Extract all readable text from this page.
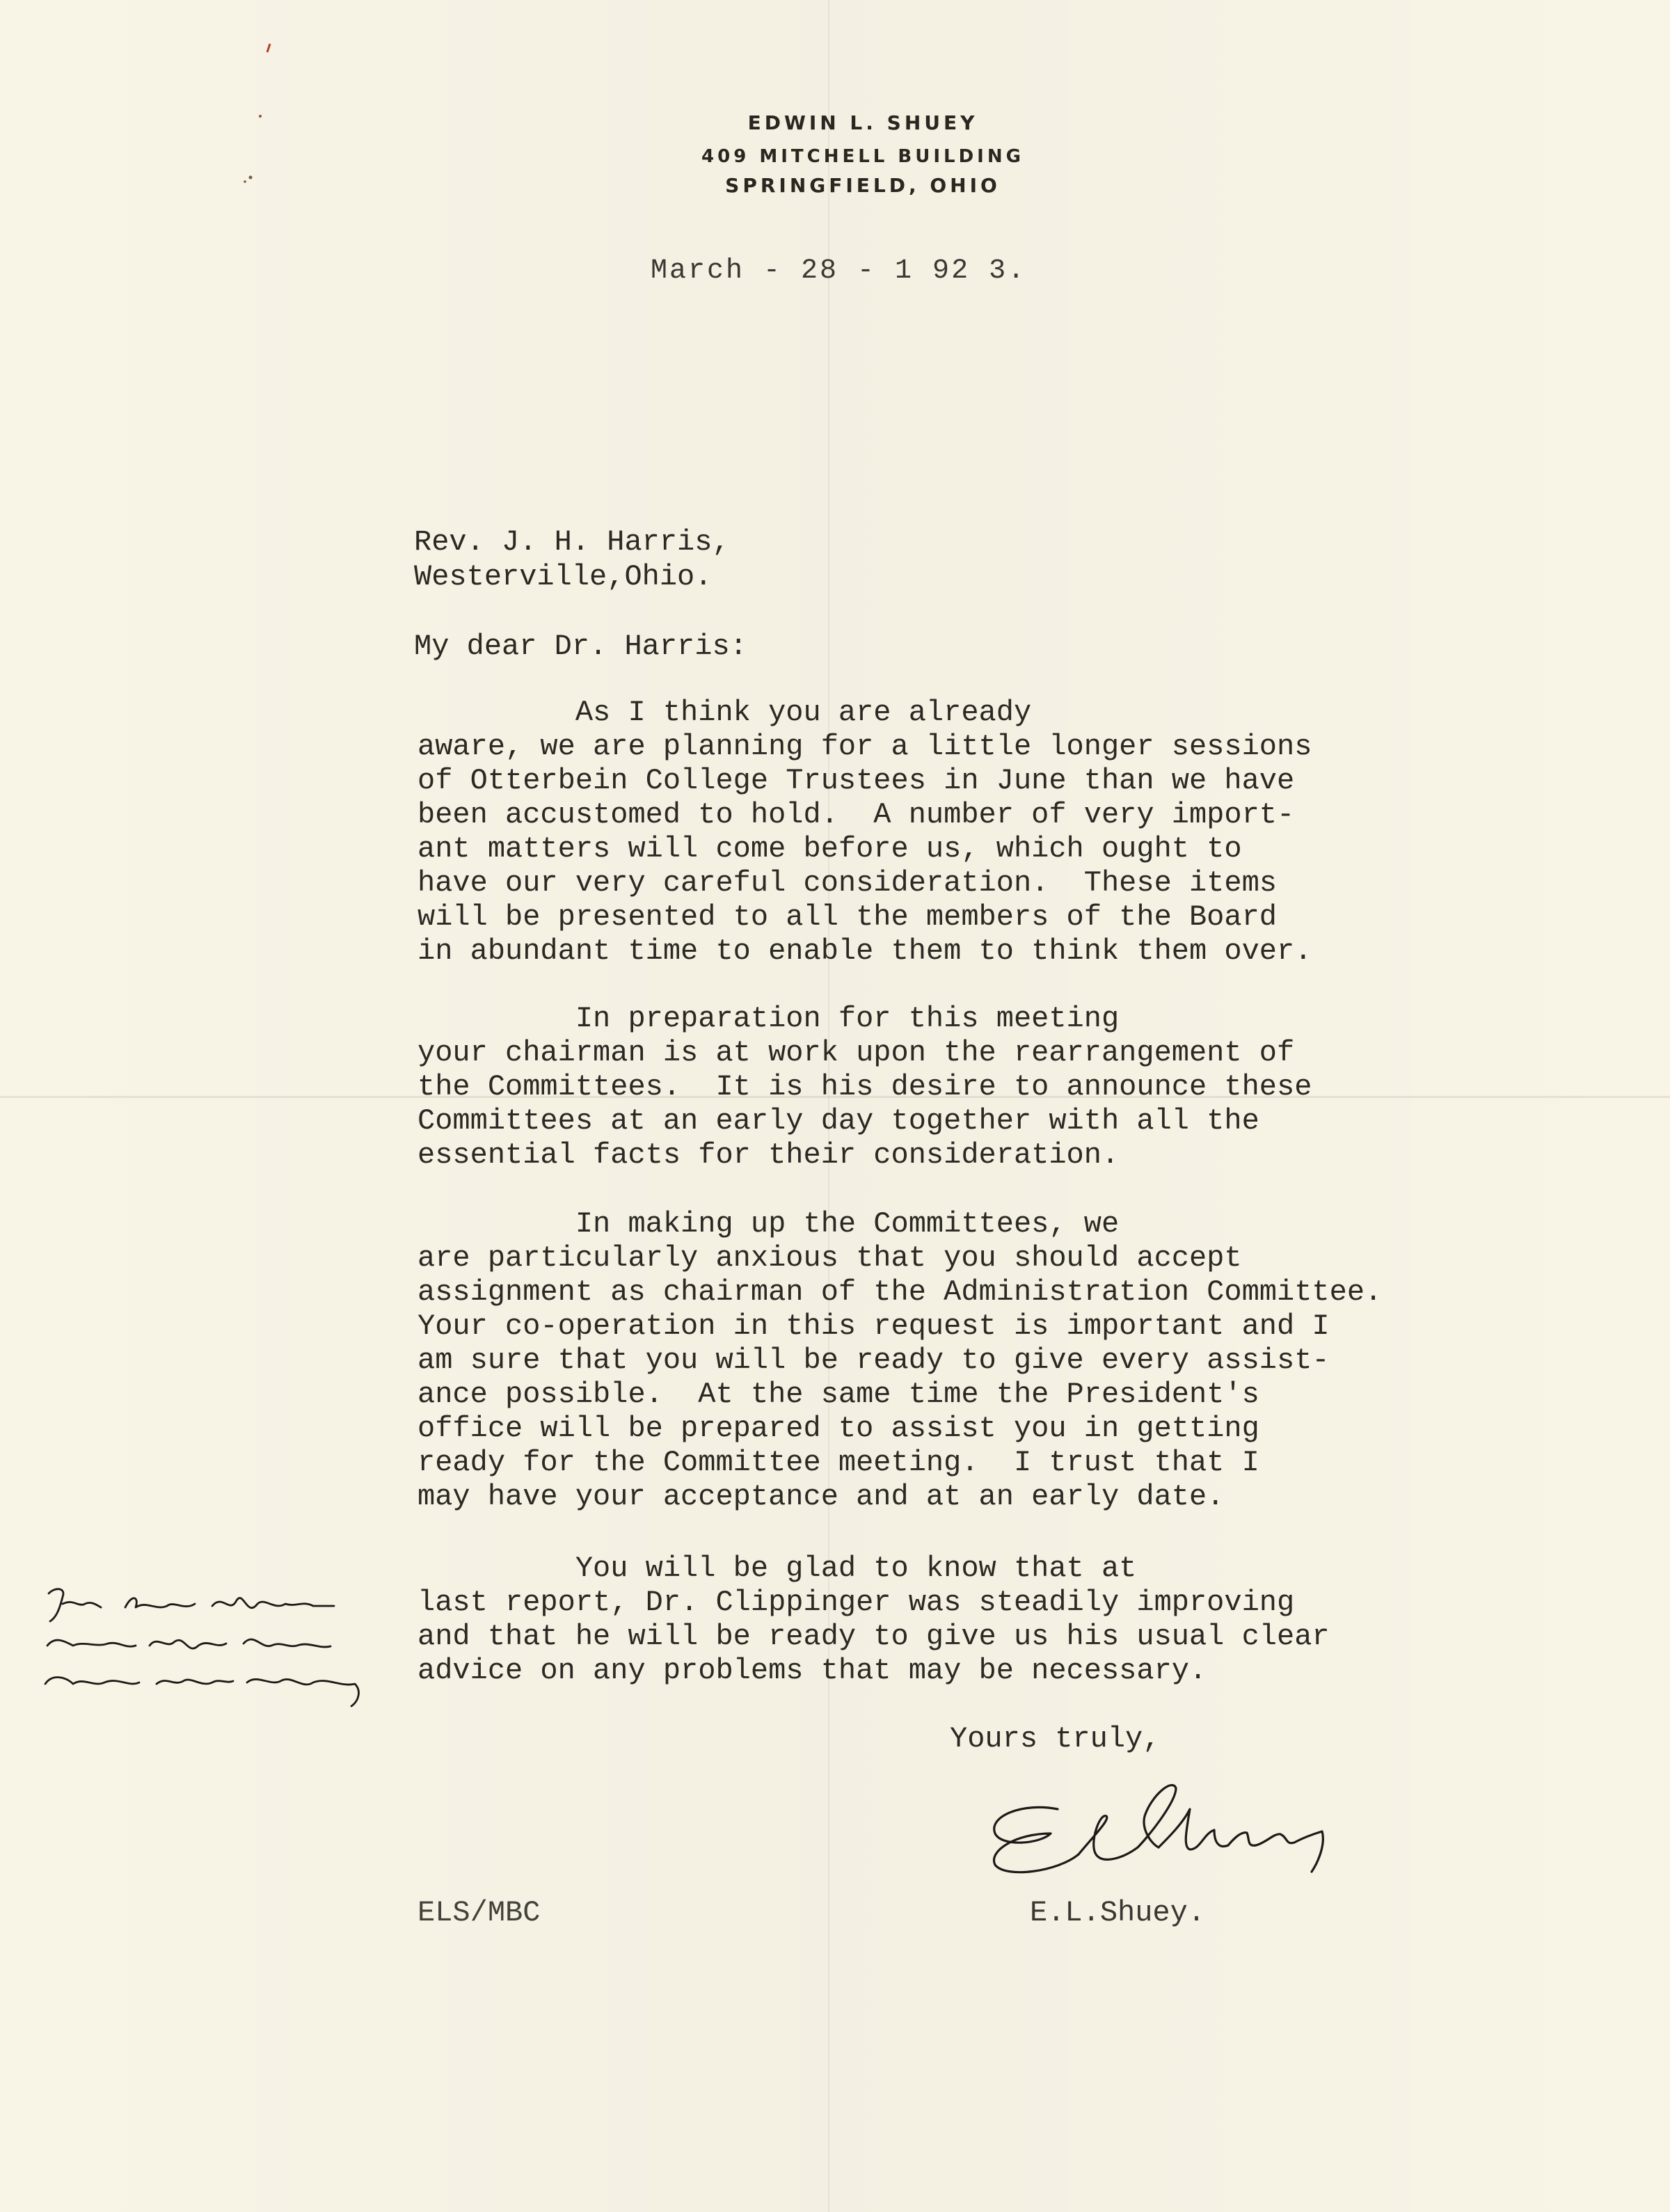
EDWIN L. SHUEY
409 MITCHELL BUILDING
SPRINGFIELD, OHIO
March - 28 - 1 92 3.
Rev. J. H. Harris,
Westerville,Ohio.
My dear Dr. Harris:
As I think you are already
aware, we are planning for a little longer sessions
of Otterbein College Trustees in June than we have
been accustomed to hold.  A number of very import-
ant matters will come before us, which ought to
have our very careful consideration.  These items
will be presented to all the members of the Board
in abundant time to enable them to think them over.
In preparation for this meeting
your chairman is at work upon the rearrangement of
the Committees.  It is his desire to announce these
Committees at an early day together with all the
essential facts for their consideration.
In making up the Committees, we
are particularly anxious that you should accept
assignment as chairman of the Administration Committee.
Your co-operation in this request is important and I
am sure that you will be ready to give every assist-
ance possible.  At the same time the President's
office will be prepared to assist you in getting
ready for the Committee meeting.  I trust that I
may have your acceptance and at an early date.
You will be glad to know that at
last report, Dr. Clippinger was steadily improving
and that he will be ready to give us his usual clear
advice on any problems that may be necessary.
Yours truly,
ELS/MBC	E.L.Shuey.
